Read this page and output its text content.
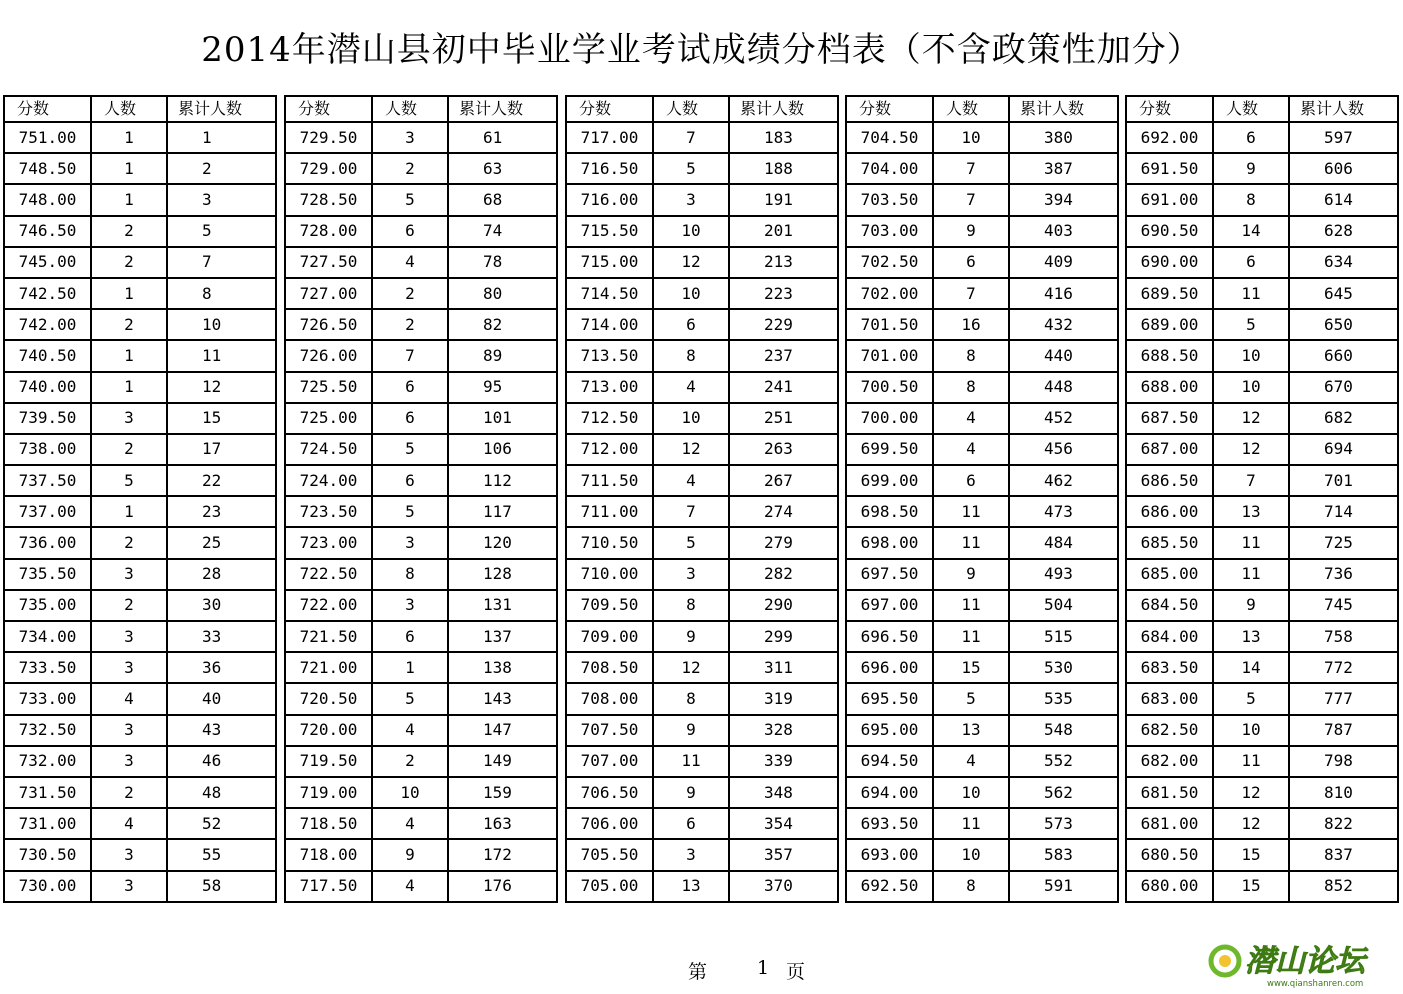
2014年潜山县初中毕业学业考试成绩分档表（不含政策性加分）
分数	人数	累计人数
751.00	1	1
748.50	1	2
748.00	1	3
746.50	2	5
745.00	2	7
742.50	1	8
742.00	2	10
740.50	1	11
740.00	1	12
739.50	3	15
738.00	2	17
737.50	5	22
737.00	1	23
736.00	2	25
735.50	3	28
735.00	2	30
734.00	3	33
733.50	3	36
733.00	4	40
732.50	3	43
732.00	3	46
731.50	2	48
731.00	4	52
730.50	3	55
730.00	3	58
分数	人数	累计人数
729.50	3	61
729.00	2	63
728.50	5	68
728.00	6	74
727.50	4	78
727.00	2	80
726.50	2	82
726.00	7	89
725.50	6	95
725.00	6	101
724.50	5	106
724.00	6	112
723.50	5	117
723.00	3	120
722.50	8	128
722.00	3	131
721.50	6	137
721.00	1	138
720.50	5	143
720.00	4	147
719.50	2	149
719.00	10	159
718.50	4	163
718.00	9	172
717.50	4	176
分数	人数	累计人数
717.00	7	183
716.50	5	188
716.00	3	191
715.50	10	201
715.00	12	213
714.50	10	223
714.00	6	229
713.50	8	237
713.00	4	241
712.50	10	251
712.00	12	263
711.50	4	267
711.00	7	274
710.50	5	279
710.00	3	282
709.50	8	290
709.00	9	299
708.50	12	311
708.00	8	319
707.50	9	328
707.00	11	339
706.50	9	348
706.00	6	354
705.50	3	357
705.00	13	370
分数	人数	累计人数
704.50	10	380
704.00	7	387
703.50	7	394
703.00	9	403
702.50	6	409
702.00	7	416
701.50	16	432
701.00	8	440
700.50	8	448
700.00	4	452
699.50	4	456
699.00	6	462
698.50	11	473
698.00	11	484
697.50	9	493
697.00	11	504
696.50	11	515
696.00	15	530
695.50	5	535
695.00	13	548
694.50	4	552
694.00	10	562
693.50	11	573
693.00	10	583
692.50	8	591
分数	人数	累计人数
692.00	6	597
691.50	9	606
691.00	8	614
690.50	14	628
690.00	6	634
689.50	11	645
689.00	5	650
688.50	10	660
688.00	10	670
687.50	12	682
687.00	12	694
686.50	7	701
686.00	13	714
685.50	11	725
685.00	11	736
684.50	9	745
684.00	13	758
683.50	14	772
683.00	5	777
682.50	10	787
682.00	11	798
681.50	12	810
681.00	12	822
680.50	15	837
680.00	15	852
第	1 页	潜山论坛
www.qianshanren.com
